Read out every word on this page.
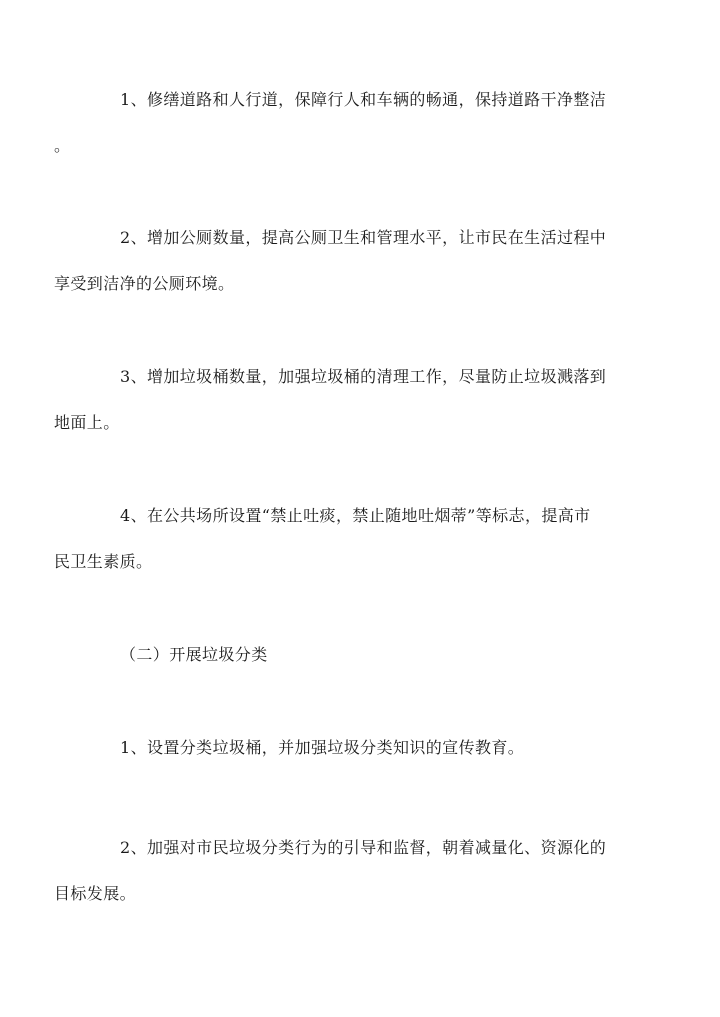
1、修缮道路和人行道，保障行人和车辆的畅通，保持道路干净整洁
。

2、增加公厕数量，提高公厕卫生和管理水平，让市民在生活过程中
享受到洁净的公厕环境。

3、增加垃圾桶数量，加强垃圾桶的清理工作，尽量防止垃圾溅落到
地面上。

4、在公共场所设置“禁止吐痰，禁止随地吐烟蒂”等标志，提高市
民卫生素质。

（二）开展垃圾分类

1、设置分类垃圾桶，并加强垃圾分类知识的宣传教育。

2、加强对市民垃圾分类行为的引导和监督，朝着减量化、资源化的
目标发展。
